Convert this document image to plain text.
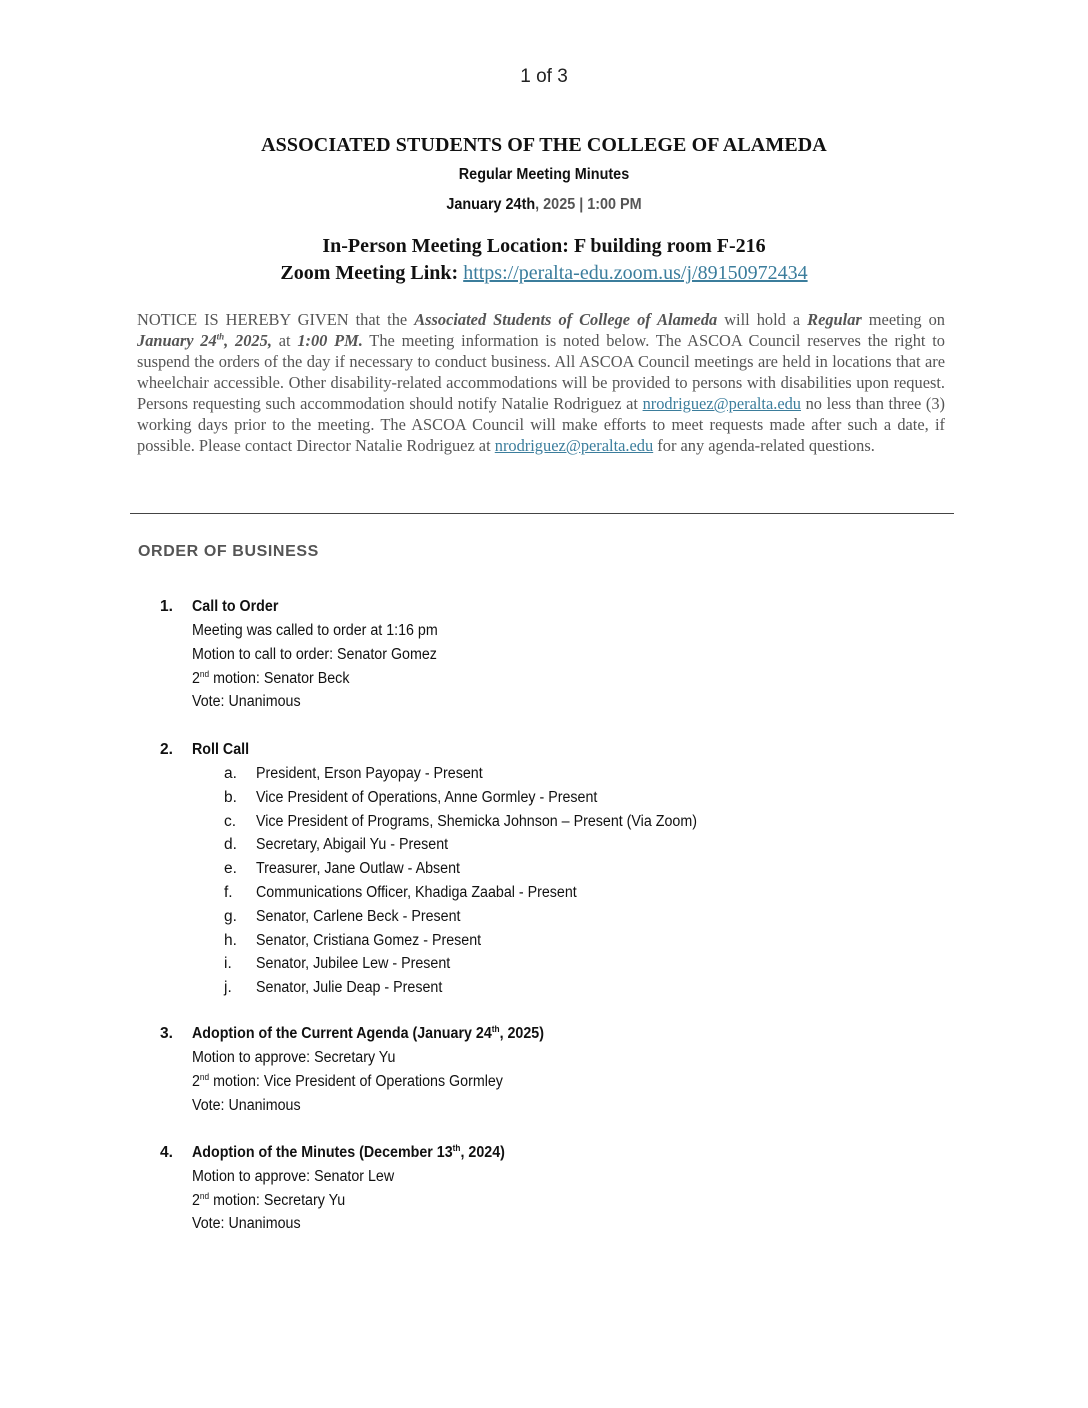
1 of 3
ASSOCIATED STUDENTS OF THE COLLEGE OF ALAMEDA
Regular Meeting Minutes
January 24th, 2025 | 1:00 PM
In-Person Meeting Location: F building room F-216
Zoom Meeting Link: https://peralta-edu.zoom.us/j/89150972434
NOTICE IS HEREBY GIVEN that the Associated Students of College of Alameda will hold a Regular meeting on January 24th, 2025, at 1:00 PM. The meeting information is noted below. The ASCOA Council reserves the right to suspend the orders of the day if necessary to conduct business. All ASCOA Council meetings are held in locations that are wheelchair accessible. Other disability-related accommodations will be provided to persons with disabilities upon request. Persons requesting such accommodation should notify Natalie Rodriguez at nrodriguez@peralta.edu no less than three (3) working days prior to the meeting. The ASCOA Council will make efforts to meet requests made after such a date, if possible. Please contact Director Natalie Rodriguez at nrodriguez@peralta.edu for any agenda-related questions.
ORDER OF BUSINESS
1. Call to Order
Meeting was called to order at 1:16 pm
Motion to call to order: Senator Gomez
2nd motion: Senator Beck
Vote: Unanimous
2. Roll Call
a. President, Erson Payopay - Present
b. Vice President of Operations, Anne Gormley - Present
c. Vice President of Programs, Shemicka Johnson – Present (Via Zoom)
d. Secretary, Abigail Yu - Present
e. Treasurer, Jane Outlaw - Absent
f. Communications Officer, Khadiga Zaabal - Present
g. Senator, Carlene Beck - Present
h. Senator, Cristiana Gomez - Present
i. Senator, Jubilee Lew - Present
j. Senator, Julie Deap - Present
3. Adoption of the Current Agenda (January 24th, 2025)
Motion to approve: Secretary Yu
2nd motion: Vice President of Operations Gormley
Vote: Unanimous
4. Adoption of the Minutes (December 13th, 2024)
Motion to approve: Senator Lew
2nd motion: Secretary Yu
Vote: Unanimous
